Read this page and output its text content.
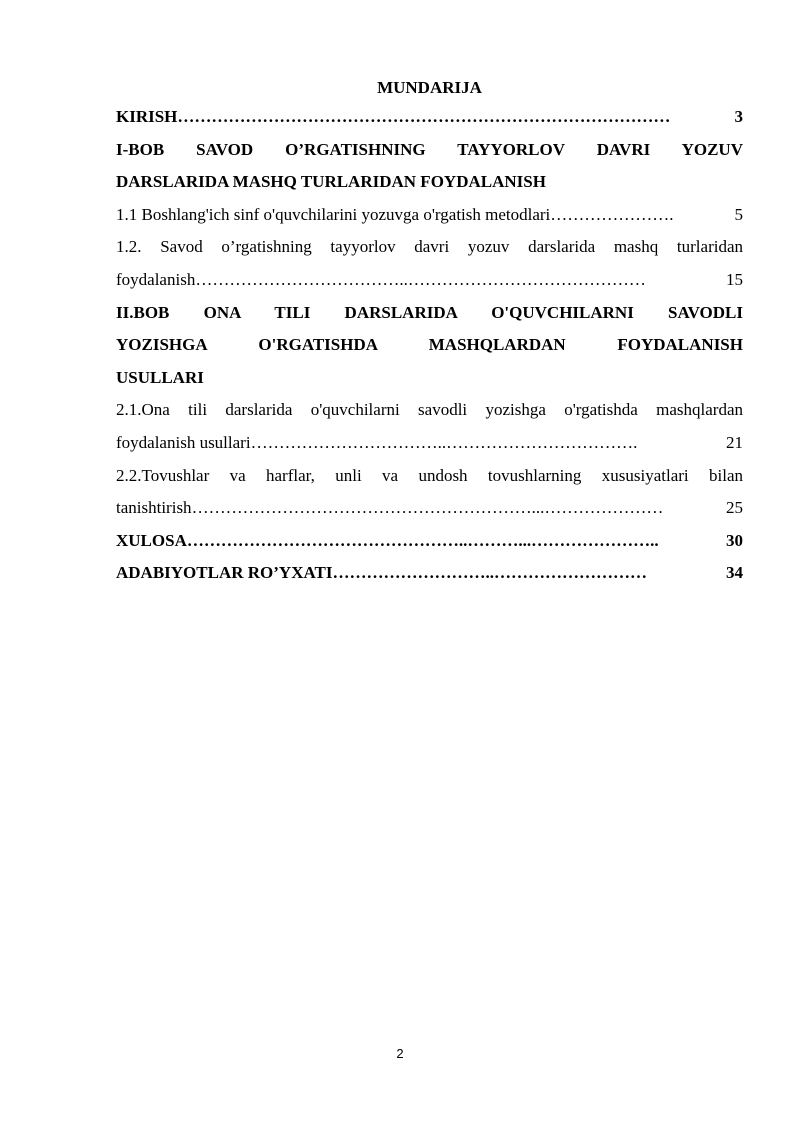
MUNDARIJA
KIRISH ……………………………………………………………………………	3
I-BOB SAVOD O’RGATISHNING TAYYORLOV DAVRI YOZUV
DARSLARIDA MASHQ TURLARIDAN FOYDALANISH
1.1 Boshlang'ich sinf o'quvchilarini yozuvga o'rgatish metodlari ………………….	5
1.2. Savod o’rgatishning tayyorlov davri yozuv darslarida mashq turlaridan
foydalanish ………………………………..……………………………………	15
II.BOB ONA TILI DARSLARIDA O'QUVCHILARNI SAVODLI
YOZISHGA O'RGATISHDA MASHQLARDAN FOYDALANISH
USULLARI
2.1.Ona tili darslarida o'quvchilarni savodli yozishga o'rgatishda mashqlardan
foydalanish usullari ……………………………..…………………………….	21
2.2.Tovushlar va harflar, unli va undosh tovushlarning xususiyatlari bilan
tanishtirish ……………………………………………………...…………………	25
XULOSA …………………………………………..………...…………………..	30
ADABIYOTLAR RO’YXATI ………………………..………………………	34
2
